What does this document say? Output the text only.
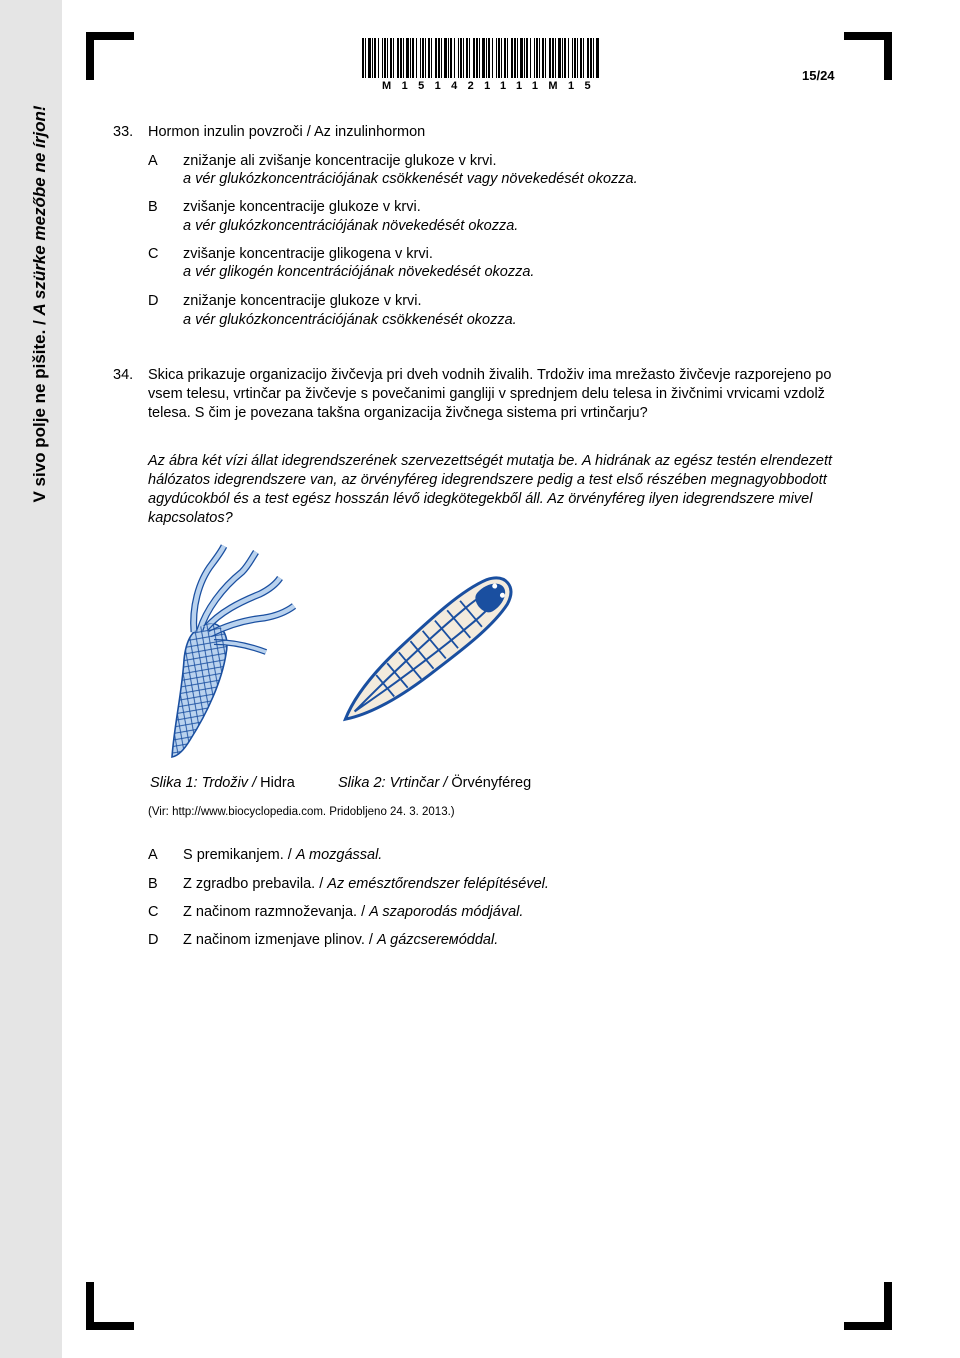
V sivo polje ne pišite. / A szürke mezőbe ne írjon!
M151421111M15
15/24
33. Hormon inzulin povzroči / Az inzulinhormon
A znižanje ali zvišanje koncentracije glukoze v krvi.
a vér glukózkoncentrációjának csökkenését vagy növekedését okozza.
B zvišanje koncentracije glukoze v krvi.
a vér glukózkoncentrációjának növekedését okozza.
C zvišanje koncentracije glikogena v krvi.
a vér glikogén koncentrációjának növekedését okozza.
D znižanje koncentracije glukoze v krvi.
a vér glukózkoncentrációjának csökkenését okozza.
34. Skica prikazuje organizacijo živčevja pri dveh vodnih živalih. Trdoživ ima mrežasto živčevje razporejeno po vsem telesu, vrtinčar pa živčevje s povečanimi gangliji v sprednjem delu telesa in živčnimi vrvicami vzdolž telesa. S čim je povezana takšna organizacija živčnega sistema pri vrtinčarju?
Az ábra két vízi állat idegrendszerének szervezettségét mutatja be. A hidrának az egész testén elrendezett hálózatos idegrendszere van, az örvényféreg idegrendszere pedig a test első részében megnagyobbodott agydúcokból és a test egész hosszán lévő idegkötegekből áll. Az örvényféreg ilyen idegrendszere mivel kapcsolatos?
Slika 1: Trdoživ / Hidra	Slika 2: Vrtinčar / Örvényféreg
(Vir: http://www.biocyclopedia.com. Pridobljeno 24. 3. 2013.)
A S premikanjem. / A mozgással.
B Z zgradbo prebavila. / Az emésztőrendszer felépítésével.
C Z načinom razmnoževanja. / A szaporodás módjával.
D Z načinom izmenjave plinov. / A gázcserемóddal.
